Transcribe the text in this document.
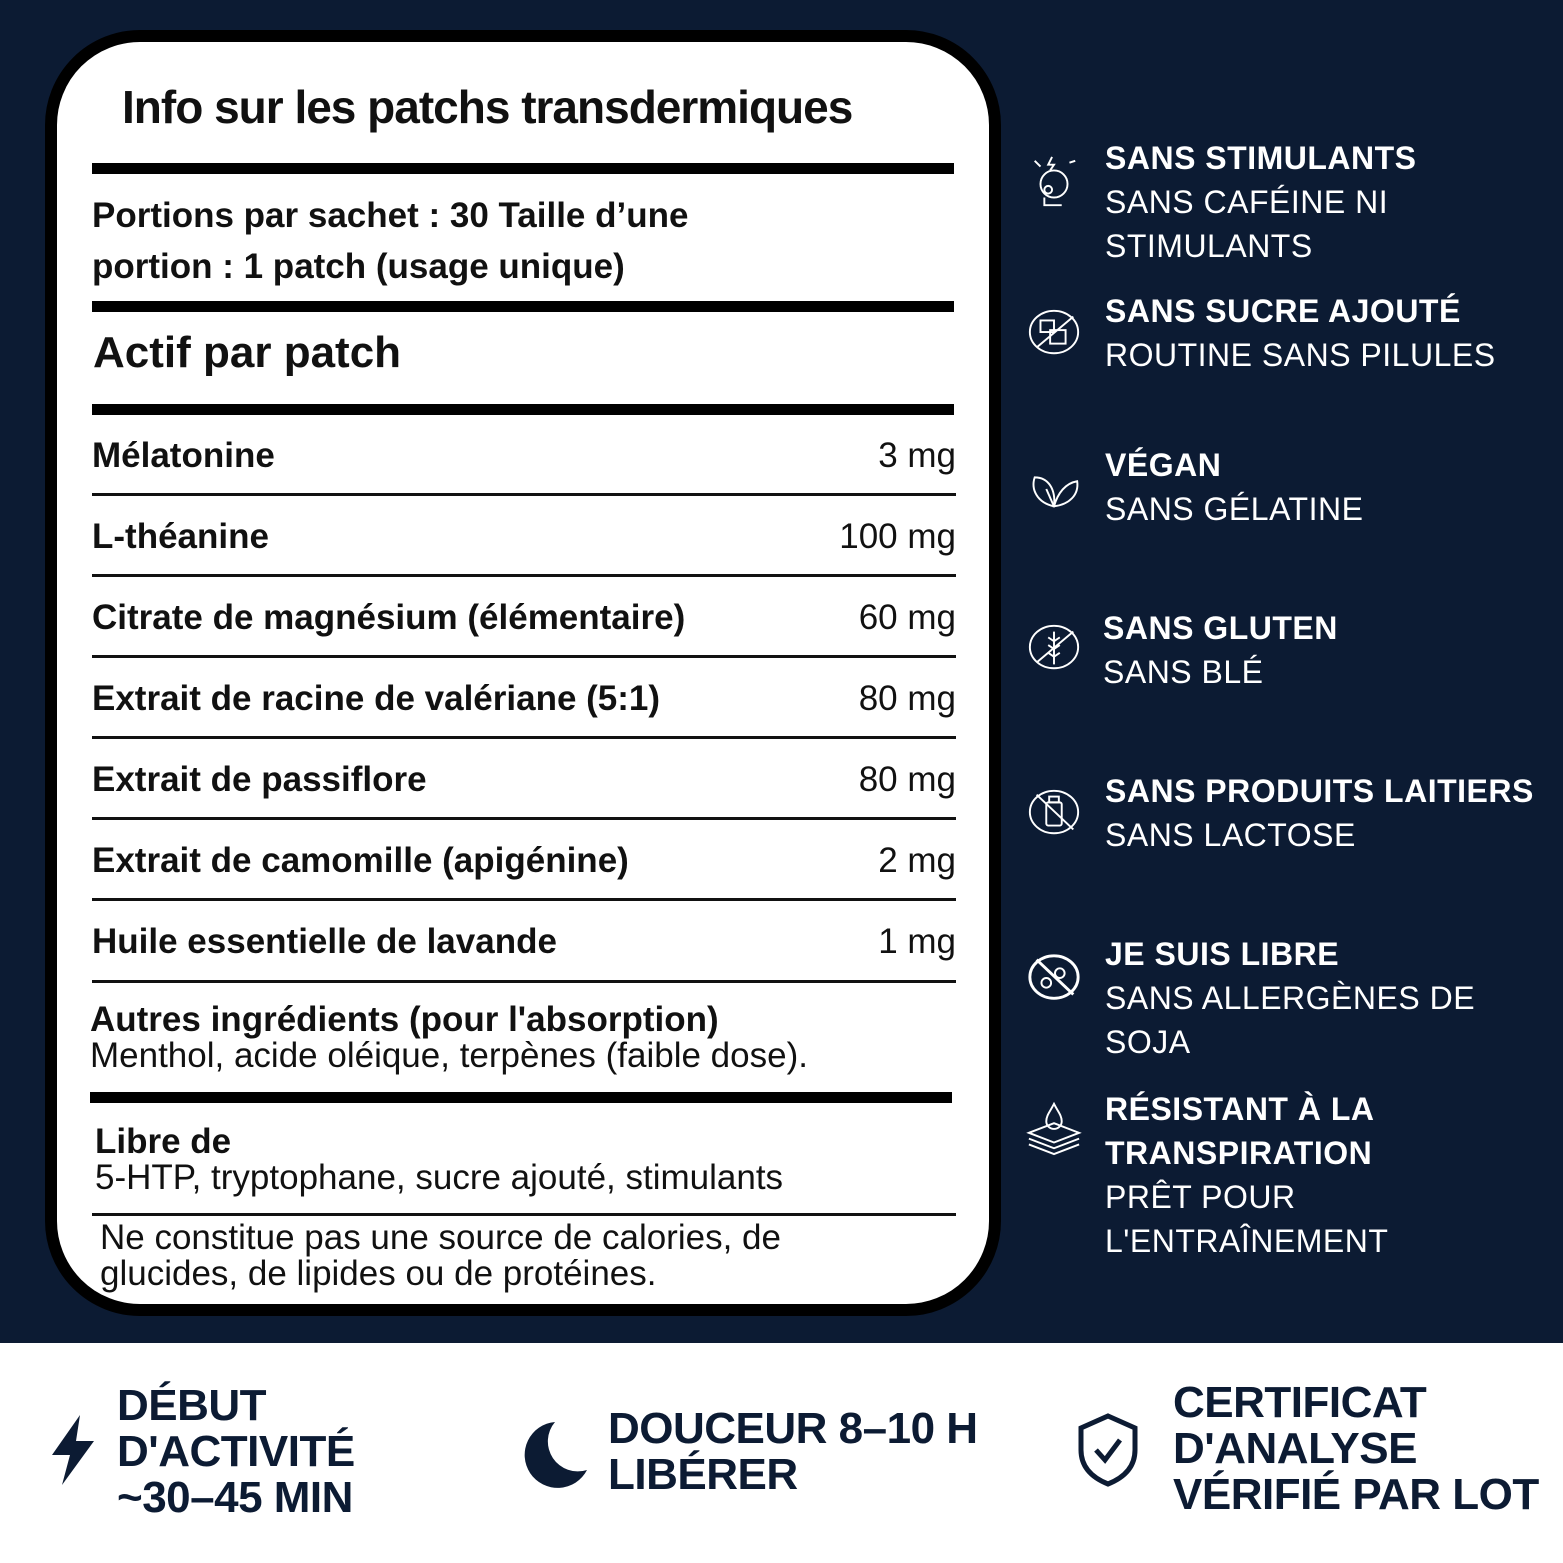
Info sur les patchs transdermiques
Portions par sachet : 30 Taille d’une
portion : 1 patch (usage unique)
Actif par patch
Mélatonine	3 mg
L-théanine	100 mg
Citrate de magnésium (élémentaire)	60 mg
Extrait de racine de valériane (5:1)	80 mg
Extrait de passiflore	80 mg
Extrait de camomille (apigénine)	2 mg
Huile essentielle de lavande	1 mg
Autres ingrédients (pour l'absorption)
Menthol, acide oléique, terpènes (faible dose).
Libre de
5-HTP, tryptophane, sucre ajouté, stimulants
Ne constitue pas une source de calories, de
glucides, de lipides ou de protéines.
SANS STIMULANTS
SANS CAFÉINE NI
STIMULANTS
SANS SUCRE AJOUTÉ
ROUTINE SANS PILULES
VÉGAN
SANS GÉLATINE
SANS GLUTEN
SANS BLÉ
SANS PRODUITS LAITIERS
SANS LACTOSE
JE SUIS LIBRE
SANS ALLERGÈNES DE
SOJA
RÉSISTANT À LA
TRANSPIRATION
PRÊT POUR
L'ENTRAÎNEMENT
DÉBUT
D'ACTIVITÉ
~30–45 MIN
DOUCEUR 8–10 H
LIBÉRER
CERTIFICAT
D'ANALYSE
VÉRIFIÉ PAR LOT
